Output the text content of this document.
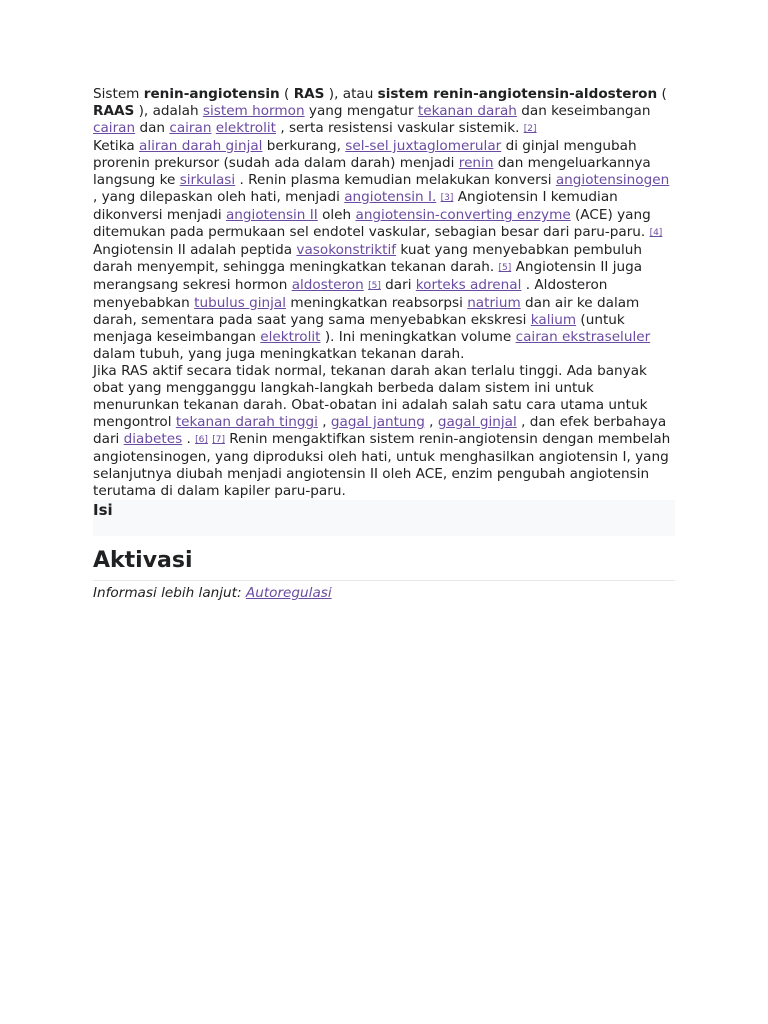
Sistem renin-angiotensin ( RAS ), atau sistem renin-angiotensin-aldosteron ( RAAS ), adalah sistem hormon yang mengatur tekanan darah dan keseimbangan cairan dan cairan elektrolit , serta resistensi vaskular sistemik. [2]

Ketika aliran darah ginjal berkurang, sel-sel juxtaglomerular di ginjal mengubah prorenin prekursor (sudah ada dalam darah) menjadi renin dan mengeluarkannya langsung ke sirkulasi . Renin plasma kemudian melakukan konversi angiotensinogen , yang dilepaskan oleh hati, menjadi angiotensin I. [3] Angiotensin I kemudian dikonversi menjadi angiotensin II oleh angiotensin-converting enzyme (ACE) yang ditemukan pada permukaan sel endotel vaskular, sebagian besar dari paru-paru. [4] Angiotensin II adalah peptida vasokonstriktif kuat yang menyebabkan pembuluh darah menyempit, sehingga meningkatkan tekanan darah. [5] Angiotensin II juga merangsang sekresi hormon aldosteron [5] dari korteks adrenal . Aldosteron menyebabkan tubulus ginjal meningkatkan reabsorpsi natrium dan air ke dalam darah, sementara pada saat yang sama menyebabkan ekskresi kalium (untuk menjaga keseimbangan elektrolit ). Ini meningkatkan volume cairan ekstraseluler dalam tubuh, yang juga meningkatkan tekanan darah.

Jika RAS aktif secara tidak normal, tekanan darah akan terlalu tinggi. Ada banyak obat yang mengganggu langkah-langkah berbeda dalam sistem ini untuk menurunkan tekanan darah. Obat-obatan ini adalah salah satu cara utama untuk mengontrol tekanan darah tinggi , gagal jantung , gagal ginjal , dan efek berbahaya dari diabetes . [6] [7] Renin mengaktifkan sistem renin-angiotensin dengan membelah angiotensinogen, yang diproduksi oleh hati, untuk menghasilkan angiotensin I, yang selanjutnya diubah menjadi angiotensin II oleh ACE, enzim pengubah angiotensin terutama di dalam kapiler paru-paru.

Isi
Aktivasi
Informasi lebih lanjut: Autoregulasi
